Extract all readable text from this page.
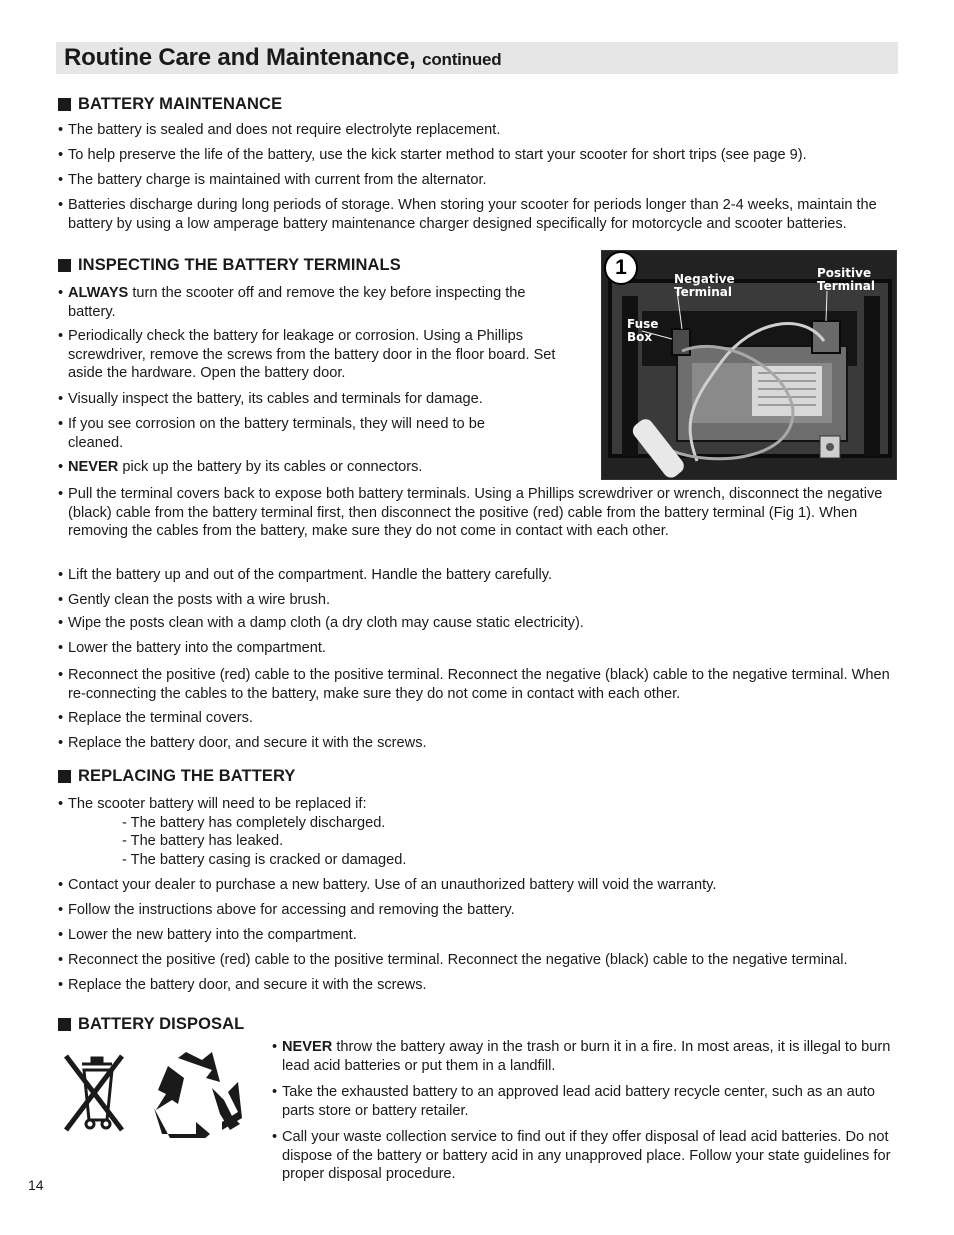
Routine Care and Maintenance, continued
BATTERY MAINTENANCE
• The battery is sealed and does not require electrolyte replacement.
• To help preserve the life of the battery, use the kick starter method to start your scooter for short trips (see page 9).
• The battery charge is maintained with current from the alternator.
• Batteries discharge during long periods of storage. When storing your scooter for periods longer than 2-4 weeks, maintain the battery by using a low amperage battery maintenance charger designed specifically for motorcycle and scooter batteries.
INSPECTING THE BATTERY TERMINALS
• ALWAYS turn the scooter off and remove the key before inspecting the battery.
• Periodically check the battery for leakage or corrosion. Using a Phillips screwdriver, remove the screws from the battery door in the floor board. Set aside the hardware. Open the battery door.
• Visually inspect the battery, its cables and terminals for damage.
• If you see corrosion on the battery terminals, they will need to be cleaned.
• NEVER pick up the battery by its cables or connectors.
• Pull the terminal covers back to expose both battery terminals. Using a Phillips screwdriver or wrench, disconnect the negative (black) cable from the battery terminal first, then disconnect the positive (red) cable from the battery terminal (Fig 1). When removing the cables from the battery, make sure they do not come in contact with each other.
• Lift the battery up and out of the compartment. Handle the battery carefully.
• Gently clean the posts with a wire brush.
• Wipe the posts clean with a damp cloth (a dry cloth may cause static electricity).
• Lower the battery into the compartment.
• Reconnect the positive (red) cable to the positive terminal. Reconnect the negative (black) cable to the negative terminal. When re-connecting the cables to the battery, make sure they do not come in contact with each other.
• Replace the terminal covers.
• Replace the battery door, and secure it with the screws.
1	Negative Terminal
Positive Terminal
Fuse Box
REPLACING THE BATTERY
• The scooter battery will need to be replaced if:
- The battery has completely discharged.
- The battery has leaked.
- The battery casing is cracked or damaged.
• Contact your dealer to purchase a new battery. Use of an unauthorized battery will void the warranty.
• Follow the instructions above for accessing and removing the battery.
• Lower the new battery into the compartment.
• Reconnect the positive (red) cable to the positive terminal. Reconnect the negative (black) cable to the negative terminal.
• Replace the battery door, and secure it with the screws.
BATTERY DISPOSAL
• NEVER throw the battery away in the trash or burn it in a fire. In most areas, it is illegal to burn lead acid batteries or put them in a landfill.
• Take the exhausted battery to an approved lead acid battery recycle center, such as an auto parts store or battery retailer.
• Call your waste collection service to find out if they offer disposal of lead acid batteries. Do not dispose of the battery or battery acid in any unapproved place. Follow your state guidelines for proper disposal procedure.
14
